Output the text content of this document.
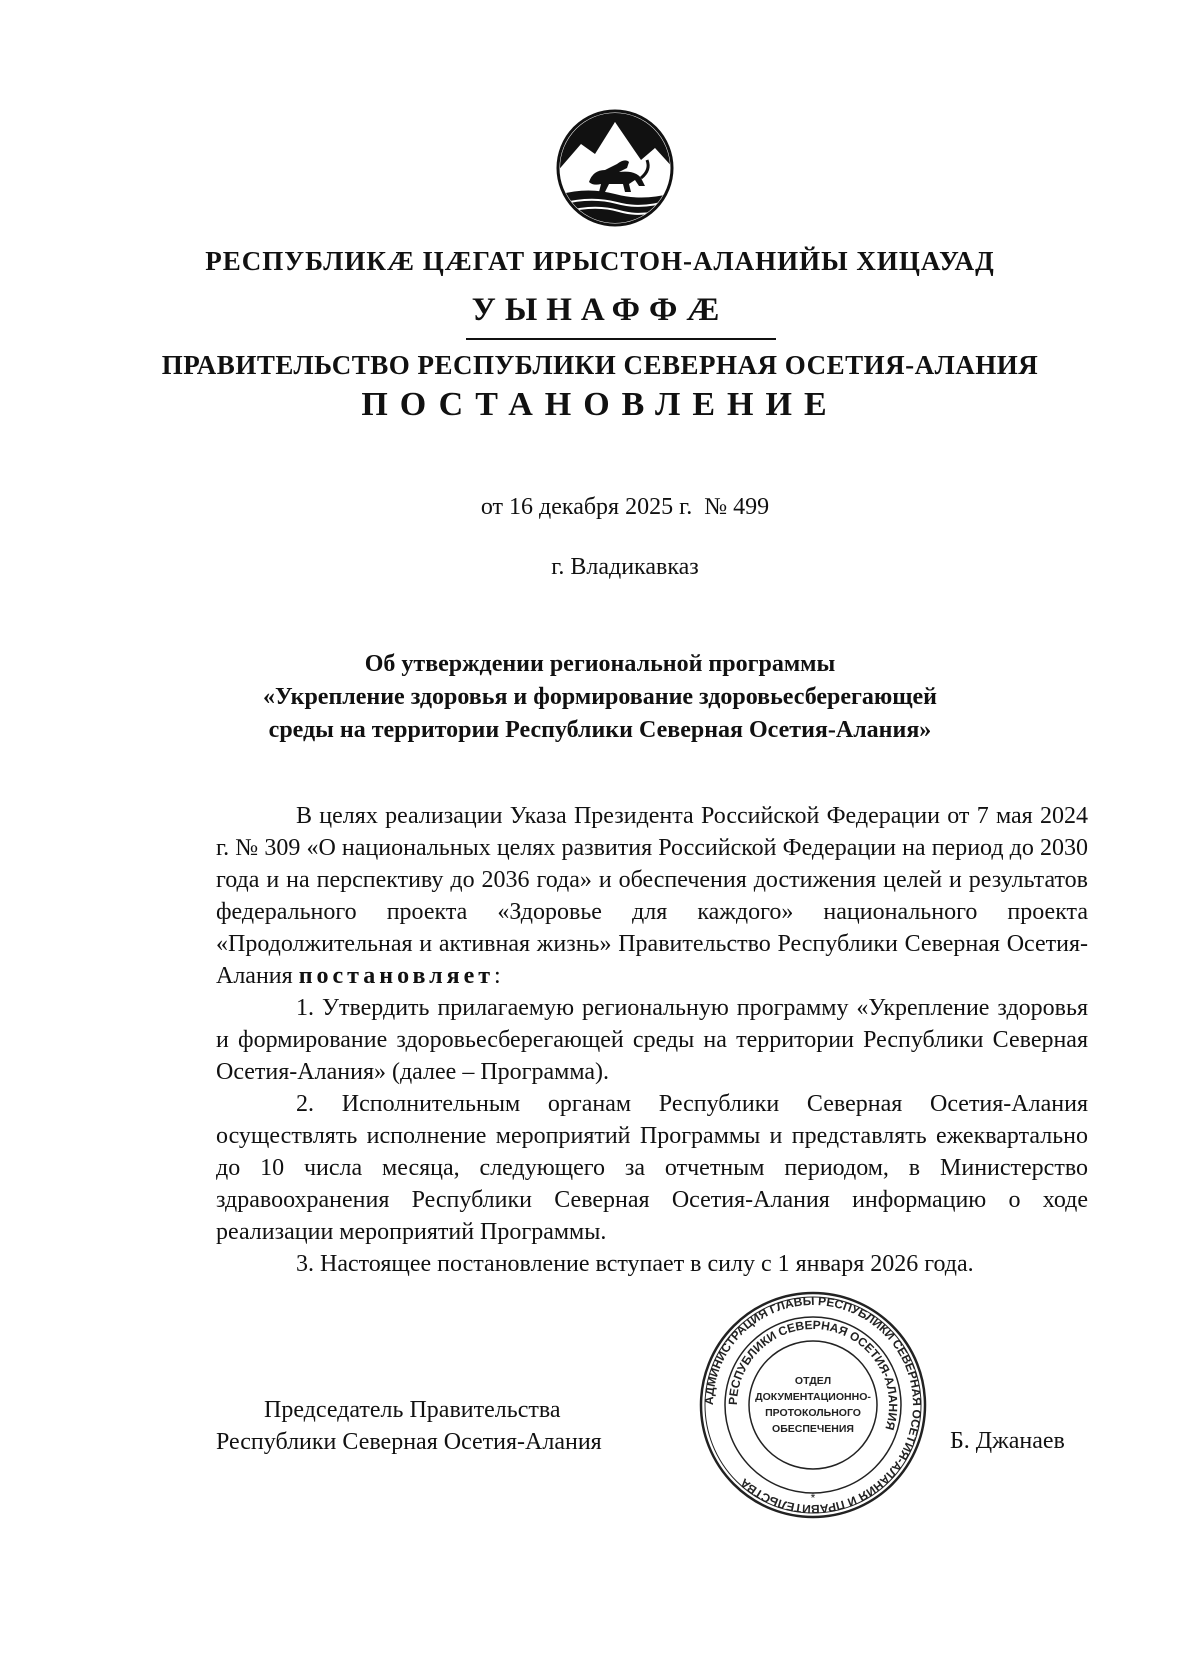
РЕСПУБЛИКÆ ЦÆГАТ ИРЫСТОН-АЛАНИЙЫ ХИЦАУАД
УЫНАФФÆ
ПРАВИТЕЛЬСТВО РЕСПУБЛИКИ СЕВЕРНАЯ ОСЕТИЯ-АЛАНИЯ
ПОСТАНОВЛЕНИЕ
от 16 декабря 2025 г. № 499
г. Владикавказ
Об утверждении региональной программы
«Укрепление здоровья и формирование здоровьесберегающей
среды на территории Республики Северная Осетия-Алания»

В целях реализации Указа Президента Российской Федерации от 7 мая 2024 г. № 309 «О национальных целях развития Российской Федерации на период до 2030 года и на перспективу до 2036 года» и обеспечения достижения целей и результатов федерального проекта «Здоровье для каждого» национального проекта «Продолжительная и активная жизнь» Правительство Республики Северная Осетия-Алания постановляет:

1. Утвердить прилагаемую региональную программу «Укрепление здоровья и формирование здоровьесберегающей среды на территории Республики Северная Осетия-Алания» (далее – Программа).

2. Исполнительным органам Республики Северная Осетия-Алания осуществлять исполнение мероприятий Программы и представлять ежеквартально до 10 числа месяца, следующего за отчетным периодом, в Министерство здравоохранения Республики Северная Осетия-Алания информацию о ходе реализации мероприятий Программы.

3. Настоящее постановление вступает в силу с 1 января 2026 года.

Председатель Правительства
Республики Северная Осетия-Алания	Б. Джанаев
АДМИНИСТРАЦИЯ ГЛАВЫ РЕСПУБЛИКИ СЕВЕРНАЯ ОСЕТИЯ-АЛАНИЯ И ПРАВИТЕЛЬСТВА
РЕСПУБЛИКИ СЕВЕРНАЯ ОСЕТИЯ-АЛАНИЯ
ОТДЕЛ
ДОКУМЕНТАЦИОННО-
ПРОТОКОЛЬНОГО
ОБЕСПЕЧЕНИЯ
*
